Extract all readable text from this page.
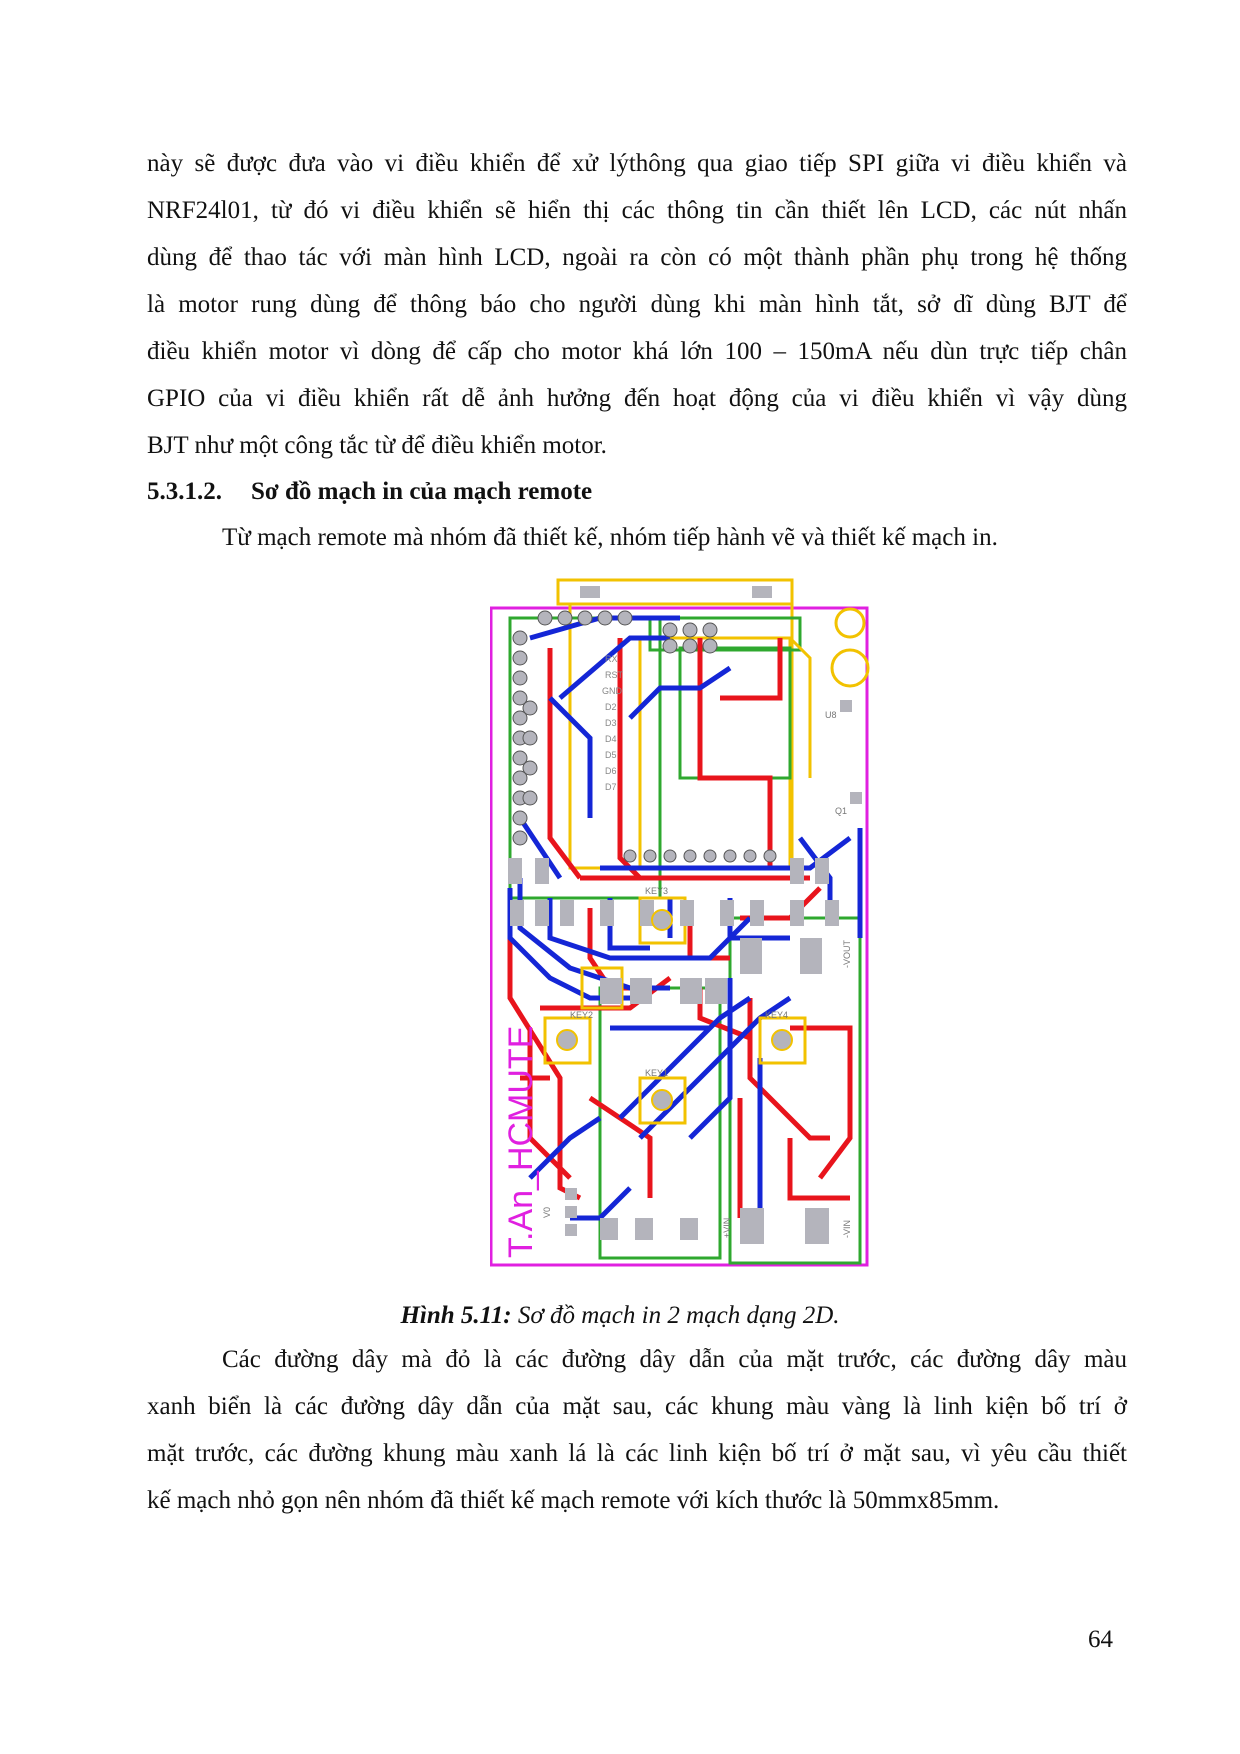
này sẽ được đưa vào vi điều khiển để xử lýthông qua giao tiếp SPI giữa vi điều khiển và
NRF24l01, từ đó vi điều khiển sẽ hiển thị các thông tin cần thiết lên LCD, các nút nhấn
dùng để thao tác với màn hình LCD, ngoài ra còn có một thành phần phụ trong hệ thống
là motor rung dùng để thông báo cho người dùng khi màn hình tắt, sở dĩ dùng BJT để
điều khiển motor vì dòng để cấp cho motor khá lớn 100 – 150mA nếu dùn trực tiếp chân
GPIO của vi điều khiển rất dễ ảnh hưởng đến hoạt động của vi điều khiển vì vậy dùng
BJT như một công tắc từ để điều khiển motor.

5.3.1.2. Sơ đồ mạch in của mạch remote

Từ mạch remote mà nhóm đã thiết kế, nhóm tiếp hành vẽ và thiết kế mạch in.

T.An_HCMUTE
RX
RST
GND
D2
D3
D4
D5
D6
D7
U8
Q1
KEY1
KEY2
KEY3
KEY4
-VOUT
+VIN	-VIN
V0

Hình 5.11: Sơ đồ mạch in 2 mạch dạng 2D.

Các đường dây mà đỏ là các đường dây dẫn của mặt trước, các đường dây màu
xanh biển là các đường dây dẫn của mặt sau, các khung màu vàng là linh kiện bố trí ở
mặt trước, các đường khung màu xanh lá là các linh kiện bố trí ở mặt sau, vì yêu cầu thiết
kế mạch nhỏ gọn nên nhóm đã thiết kế mạch remote với kích thước là 50mmx85mm.
64
